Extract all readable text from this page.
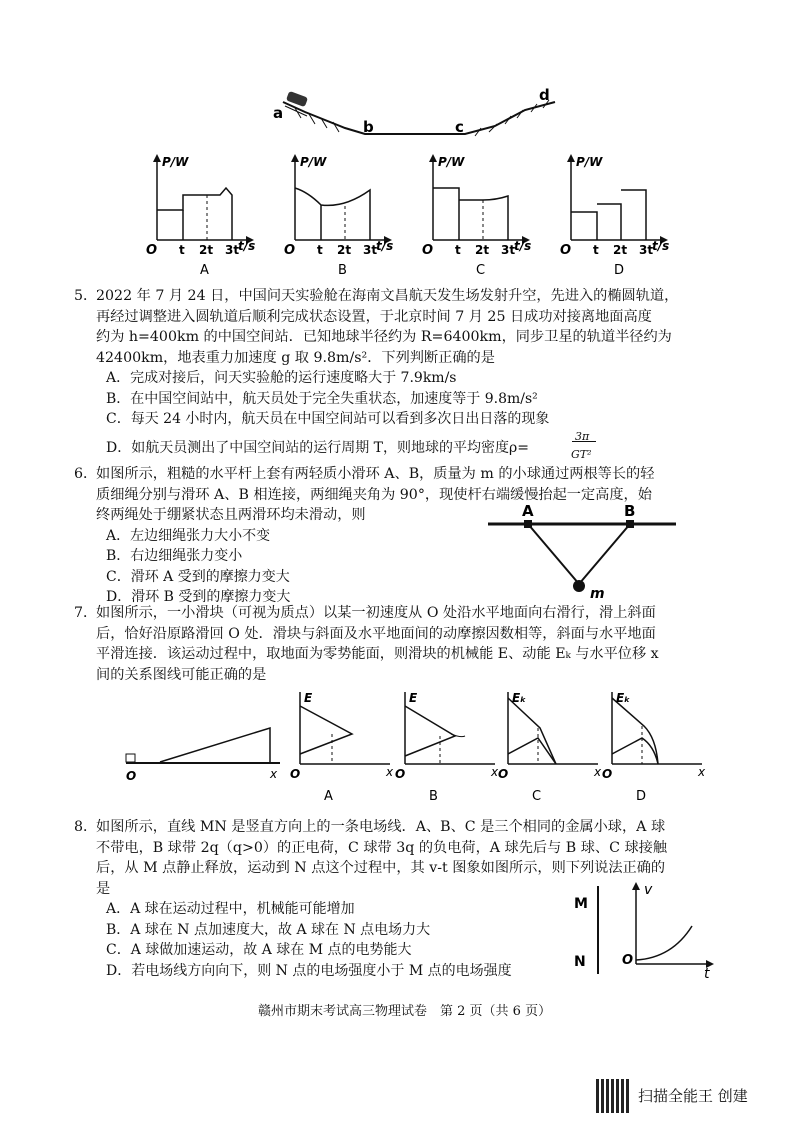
a
b	c
d
O t 2t 3t
t/s
P/W
A
O t 2t 3t
t/s
P/W
B
O t 2t 3t
t/s
P/W
C
O t 2t 3t
t/s
P/W
D
5．
2022 年 7 月 24 日，中国问天实验舱在海南文昌航天发生场发射升空，先进入的椭圆轨道，
再经过调整进入圆轨道后顺利完成状态设置，于北京时间 7 月 25 日成功对接离地面高度
约为 h=400km 的中国空间站．已知地球半径约为 R=6400km，同步卫星的轨道半径约为
42400km，地表重力加速度 g 取 9.8m/s²．下列判断正确的是
A．完成对接后，问天实验舱的运行速度略大于 7.9km/s
B．在中国空间站中，航天员处于完全失重状态，加速度等于 9.8m/s²
C．每天 24 小时内，航天员在中国空间站可以看到多次日出日落的现象
D．如航天员测出了中国空间站的运行周期 T，则地球的平均密度ρ=
3π
GT²
6．
如图所示，粗糙的水平杆上套有两轻质小滑环 A、B，质量为 m 的小球通过两根等长的轻
质细绳分别与滑环 A、B 相连接，两细绳夹角为 90°，现使杆右端缓慢抬起一定高度，始
终两绳处于绷紧状态且两滑环均未滑动，则
A．左边细绳张力大小不变
B．右边细绳张力变小
C．滑环 A 受到的摩擦力变大
D．滑环 B 受到的摩擦力变大
A	B
m
7．
如图所示，一小滑块（可视为质点）以某一初速度从 O 处沿水平地面向右滑行，滑上斜面
后，恰好沿原路滑回 O 处．滑块与斜面及水平地面间的动摩擦因数相等，斜面与水平地面
平滑连接．该运动过程中，取地面为零势能面，则滑块的机械能 E、动能 Eₖ 与水平位移 x
间的关系图线可能正确的是
O	x O
E
x
A
O
E
x
B
O
Eₖ
x
C
O
Eₖ
x
D
8．
如图所示，直线 MN 是竖直方向上的一条电场线．A、B、C 是三个相同的金属小球，A 球
不带电，B 球带 2q（q>0）的正电荷，C 球带 3q 的负电荷，A 球先后与 B 球、C 球接触
后，从 M 点静止释放，运动到 N 点这个过程中，其 v-t 图象如图所示，则下列说法正确的
是
A．A 球在运动过程中，机械能可能增加
B．A 球在 N 点加速度大，故 A 球在 N 点电场力大
C．A 球做加速运动，故 A 球在 M 点的电势能大
D．若电场线方向向下，则 N 点的电场强度小于 M 点的电场强度
M
N
v
O
t
赣州市期末考试高三物理试卷　第 2 页（共 6 页）
扫描全能王 创建
